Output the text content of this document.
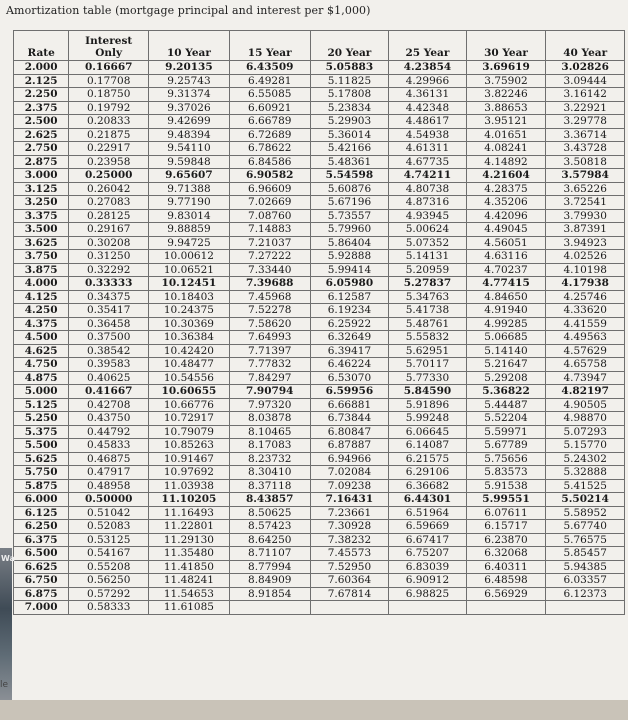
Amortization table (mortgage principal and interest per $1,000)
Rate	Interest Only	10 Year	15 Year	20 Year	25 Year	30 Year	40 Year
2.000	0.16667	9.20135	6.43509	5.05883	4.23854	3.69619	3.02826
2.125	0.17708	9.25743	6.49281	5.11825	4.29966	3.75902	3.09444
2.250	0.18750	9.31374	6.55085	5.17808	4.36131	3.82246	3.16142
2.375	0.19792	9.37026	6.60921	5.23834	4.42348	3.88653	3.22921
2.500	0.20833	9.42699	6.66789	5.29903	4.48617	3.95121	3.29778
2.625	0.21875	9.48394	6.72689	5.36014	4.54938	4.01651	3.36714
2.750	0.22917	9.54110	6.78622	5.42166	4.61311	4.08241	3.43728
2.875	0.23958	9.59848	6.84586	5.48361	4.67735	4.14892	3.50818
3.000	0.25000	9.65607	6.90582	5.54598	4.74211	4.21604	3.57984
3.125	0.26042	9.71388	6.96609	5.60876	4.80738	4.28375	3.65226
3.250	0.27083	9.77190	7.02669	5.67196	4.87316	4.35206	3.72541
3.375	0.28125	9.83014	7.08760	5.73557	4.93945	4.42096	3.79930
3.500	0.29167	9.88859	7.14883	5.79960	5.00624	4.49045	3.87391
3.625	0.30208	9.94725	7.21037	5.86404	5.07352	4.56051	3.94923
3.750	0.31250	10.00612	7.27222	5.92888	5.14131	4.63116	4.02526
3.875	0.32292	10.06521	7.33440	5.99414	5.20959	4.70237	4.10198
4.000	0.33333	10.12451	7.39688	6.05980	5.27837	4.77415	4.17938
4.125	0.34375	10.18403	7.45968	6.12587	5.34763	4.84650	4.25746
4.250	0.35417	10.24375	7.52278	6.19234	5.41738	4.91940	4.33620
4.375	0.36458	10.30369	7.58620	6.25922	5.48761	4.99285	4.41559
4.500	0.37500	10.36384	7.64993	6.32649	5.55832	5.06685	4.49563
4.625	0.38542	10.42420	7.71397	6.39417	5.62951	5.14140	4.57629
4.750	0.39583	10.48477	7.77832	6.46224	5.70117	5.21647	4.65758
4.875	0.40625	10.54556	7.84297	6.53070	5.77330	5.29208	4.73947
5.000	0.41667	10.60655	7.90794	6.59956	5.84590	5.36822	4.82197
5.125	0.42708	10.66776	7.97320	6.66881	5.91896	5.44487	4.90505
5.250	0.43750	10.72917	8.03878	6.73844	5.99248	5.52204	4.98870
5.375	0.44792	10.79079	8.10465	6.80847	6.06645	5.59971	5.07293
5.500	0.45833	10.85263	8.17083	6.87887	6.14087	5.67789	5.15770
5.625	0.46875	10.91467	8.23732	6.94966	6.21575	5.75656	5.24302
5.750	0.47917	10.97692	8.30410	7.02084	6.29106	5.83573	5.32888
5.875	0.48958	11.03938	8.37118	7.09238	6.36682	5.91538	5.41525
6.000	0.50000	11.10205	8.43857	7.16431	6.44301	5.99551	5.50214
6.125	0.51042	11.16493	8.50625	7.23661	6.51964	6.07611	5.58952
6.250	0.52083	11.22801	8.57423	7.30928	6.59669	6.15717	5.67740
6.375	0.53125	11.29130	8.64250	7.38232	6.67417	6.23870	5.76575
6.500	0.54167	11.35480	8.71107	7.45573	6.75207	6.32068	5.85457
6.625	0.55208	11.41850	8.77994	7.52950	6.83039	6.40311	5.94385
6.750	0.56250	11.48241	8.84909	7.60364	6.90912	6.48598	6.03357
6.875	0.57292	11.54653	8.91854	7.67814	6.98825	6.56929	6.12373
7.000	0.58333	11.61085					
Wa
le
